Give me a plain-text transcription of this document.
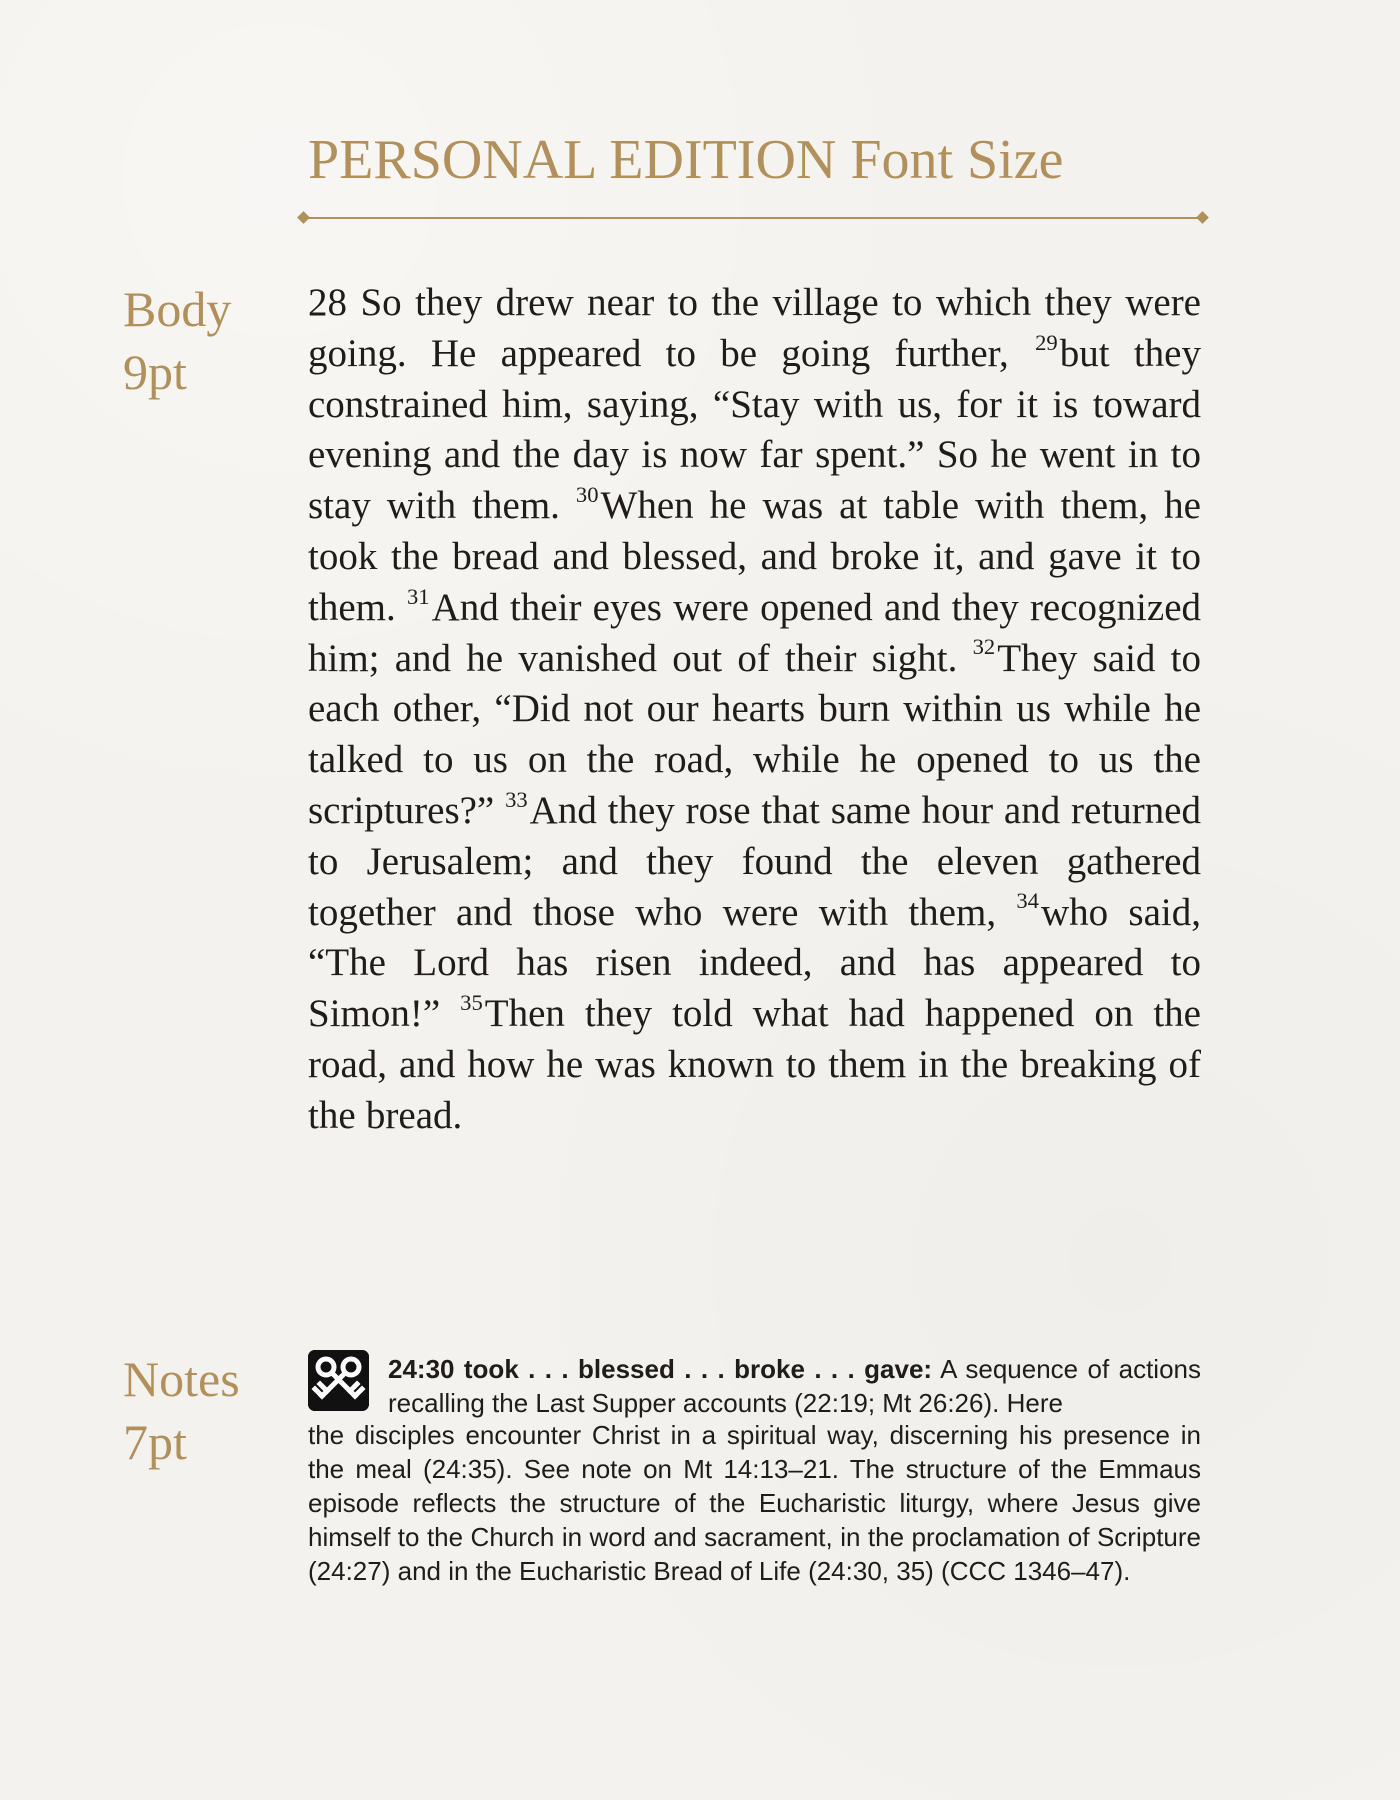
PERSONAL EDITION Font Size
Body
9pt

28 So they drew near to the village to which they were going. He appeared to be going further, $^{29}$but they constrained him, saying, “Stay with us, for it is toward evening and the day is now far spent.” So he went in to stay with them. $^{30}$When he was at table with them, he took the bread and blessed, and broke it, and gave it to them. $^{31}$And their eyes were opened and they recognized him; and he vanished out of their sight. $^{32}$They said to each other, “Did not our hearts burn within us while he talked to us on the road, while he opened to us the scriptures?” $^{33}$And they rose that same hour and returned to Jerusalem; and they found the eleven gathered together and those who were with them, $^{34}$who said, “The Lord has risen indeed, and has appeared to Simon!” $^{35}$Then they told what had happened on the road, and how he was known to them in the breaking of the bread.

Notes
7pt

24:30 took . . . blessed . . . broke . . . gave: A sequence of actions recalling the Last Supper accounts (22:19; Mt 26:26). Here

the disciples encounter Christ in a spiritual way, discerning his presence in the meal (24:35). See note on Mt 14:13–21. The structure of the Emmaus episode reflects the structure of the Eucharistic liturgy, where Jesus give himself to the Church in word and sacrament, in the proclamation of Scripture (24:27) and in the Eucharistic Bread of Life (24:30, 35) (CCC 1346–47).
